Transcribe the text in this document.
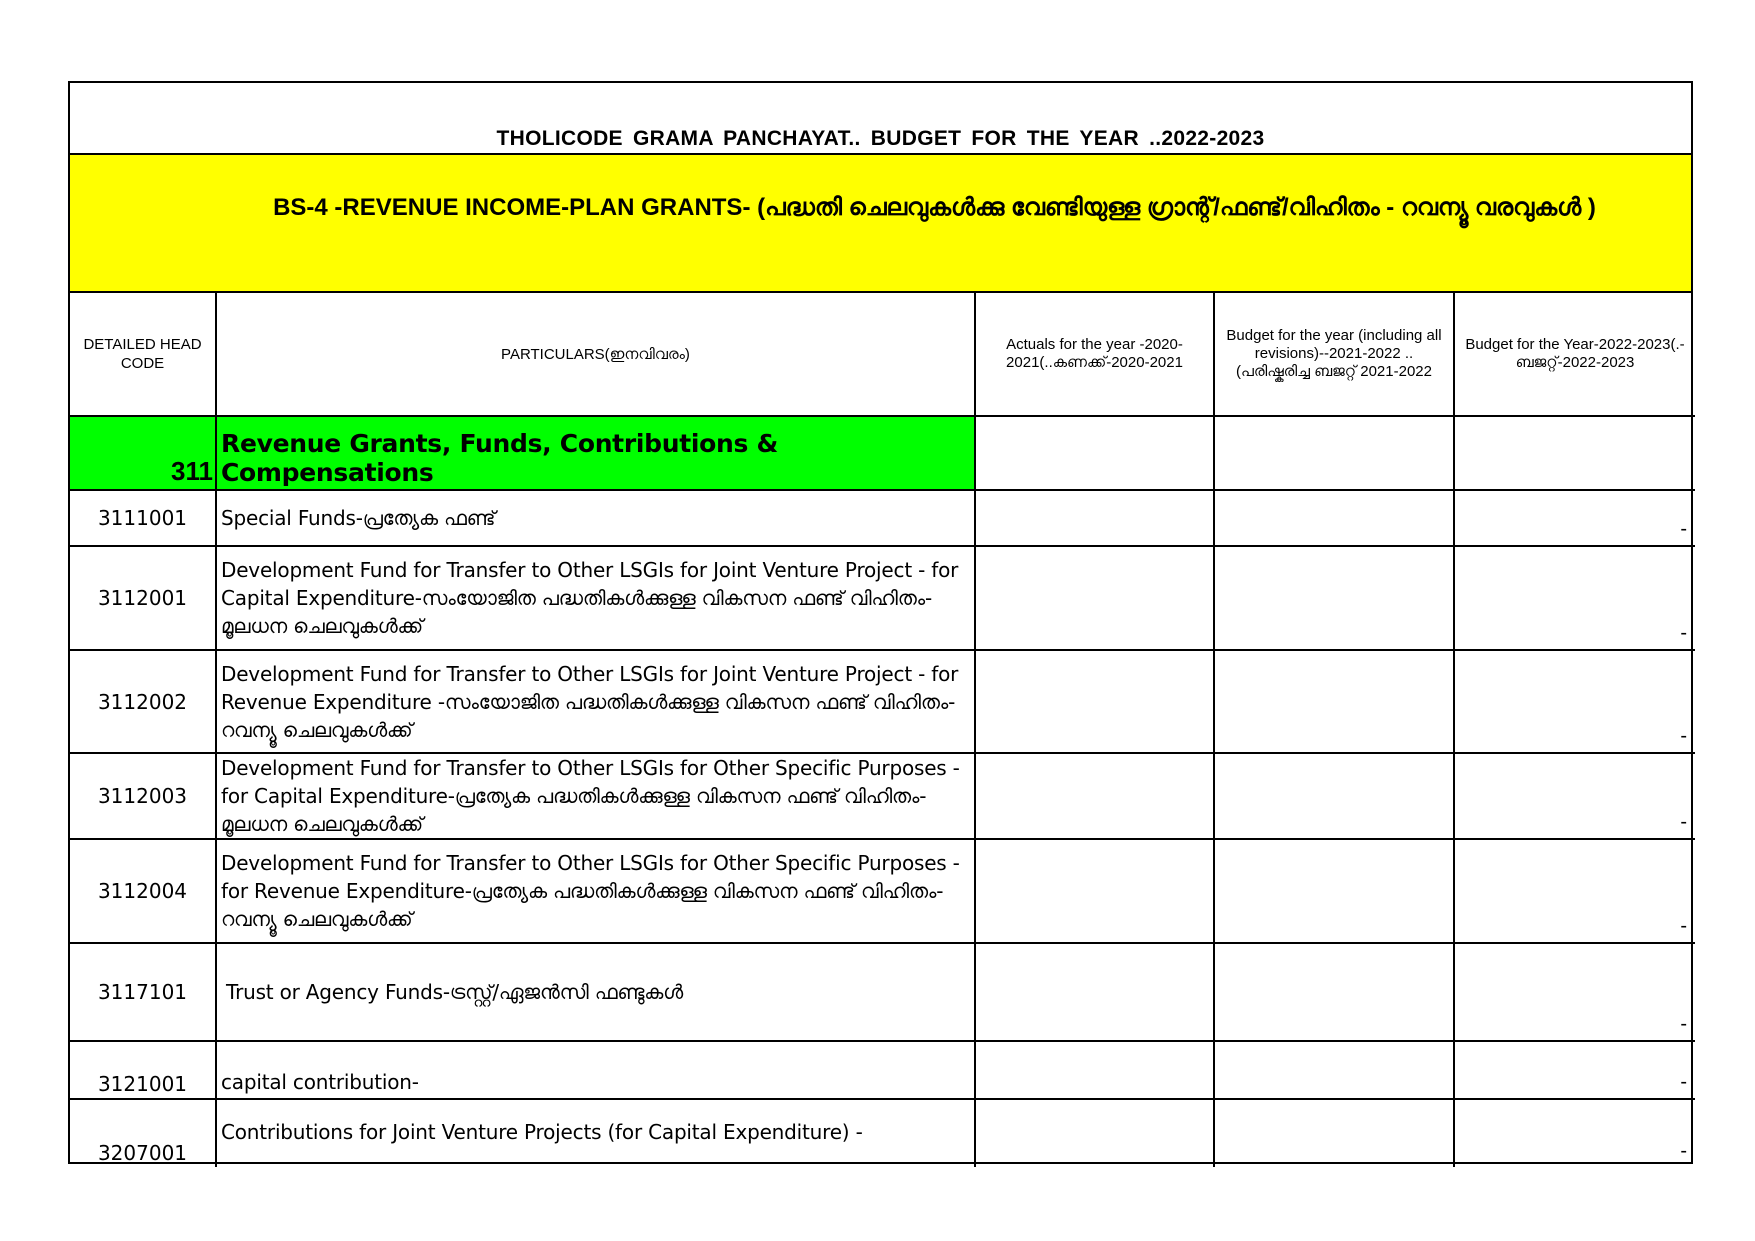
THOLICODE GRAMA PANCHAYAT.. BUDGET FOR THE YEAR ..2022-2023
BS-4 -REVENUE INCOME-PLAN GRANTS- (പദ്ധതി ചെലവുകൾക്കു വേണ്ടിയുള്ള ഗ്രാന്റ്/ഫണ്ട്/വിഹിതം - റവന്യൂ വരവുകൾ )
DETAILED HEAD CODE	PARTICULARS(ഇനവിവരം)	Actuals for the year -2020-2021(..കണക്ക്-2020-2021	Budget for the year (including all revisions)--2021-2022 ..(പരിഷ്കരിച്ച ബജറ്റ് 2021-2022	Budget for the Year-2022-2023(.-ബജറ്റ്-2022-2023
311	Revenue Grants, Funds, Contributions & Compensations			
3111001	Special Funds-പ്രത്യേക ഫണ്ട്			-
3112001	Development Fund for Transfer to Other LSGIs for Joint Venture Project - for Capital Expenditure-സംയോജിത പദ്ധതികൾക്കുള്ള വികസന ഫണ്ട് വിഹിതം-മൂലധന ചെലവുകൾക്ക്			-
3112002	Development Fund for Transfer to Other LSGIs for Joint Venture Project - for Revenue Expenditure -സംയോജിത പദ്ധതികൾക്കുള്ള വികസന ഫണ്ട് വിഹിതം-റവന്യൂ ചെലവുകൾക്ക്			-
3112003	Development Fund for Transfer to Other LSGIs for Other Specific Purposes - for Capital Expenditure-പ്രത്യേക പദ്ധതികൾക്കുള്ള വികസന ഫണ്ട് വിഹിതം-മൂലധന ചെലവുകൾക്ക്			-
3112004	Development Fund for Transfer to Other LSGIs for Other Specific Purposes - for Revenue Expenditure-പ്രത്യേക പദ്ധതികൾക്കുള്ള വികസന ഫണ്ട് വിഹിതം-റവന്യൂ ചെലവുകൾക്ക്			-
3117101	Trust or Agency Funds-ട്രസ്റ്റ്/ഏജൻസി ഫണ്ടുകൾ			-
3121001	capital contribution-			-
3207001	Contributions for Joint Venture Projects (for Capital Expenditure) -			-
